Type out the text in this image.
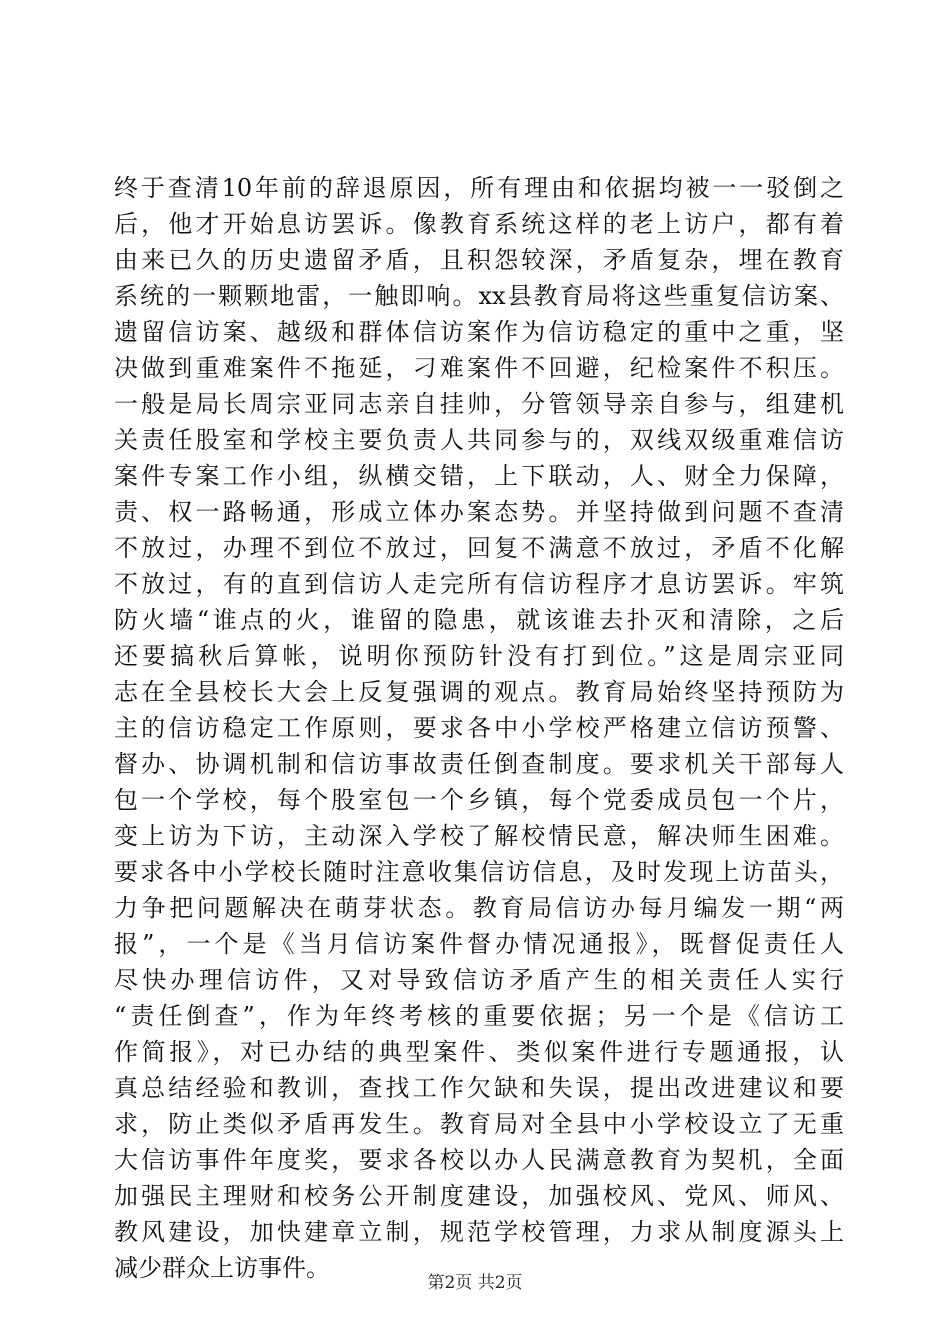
终于查清10年前的辞退原因，所有理由和依据均被一一驳倒之
后，他才开始息访罢诉。像教育系统这样的老上访户，都有着
由来已久的历史遗留矛盾，且积怨较深，矛盾复杂，埋在教育
系统的一颗颗地雷，一触即响。xx县教育局将这些重复信访案、
遗留信访案、越级和群体信访案作为信访稳定的重中之重，坚
决做到重难案件不拖延，刁难案件不回避，纪检案件不积压。
一般是局长周宗亚同志亲自挂帅，分管领导亲自参与，组建机
关责任股室和学校主要负责人共同参与的，双线双级重难信访
案件专案工作小组，纵横交错，上下联动，人、财全力保障，
责、权一路畅通，形成立体办案态势。并坚持做到问题不查清
不放过，办理不到位不放过，回复不满意不放过，矛盾不化解
不放过，有的直到信访人走完所有信访程序才息访罢诉。牢筑
防火墙“谁点的火，谁留的隐患，就该谁去扑灭和清除，之后
还要搞秋后算帐，说明你预防针没有打到位。”这是周宗亚同
志在全县校长大会上反复强调的观点。教育局始终坚持预防为
主的信访稳定工作原则，要求各中小学校严格建立信访预警、
督办、协调机制和信访事故责任倒查制度。要求机关干部每人
包一个学校，每个股室包一个乡镇，每个党委成员包一个片，
变上访为下访，主动深入学校了解校情民意，解决师生困难。
要求各中小学校长随时注意收集信访信息，及时发现上访苗头，
力争把问题解决在萌芽状态。教育局信访办每月编发一期“两
报”，一个是《当月信访案件督办情况通报》，既督促责任人
尽快办理信访件，又对导致信访矛盾产生的相关责任人实行
“责任倒查”，作为年终考核的重要依据；另一个是《信访工
作简报》，对已办结的典型案件、类似案件进行专题通报，认
真总结经验和教训，查找工作欠缺和失误，提出改进建议和要
求，防止类似矛盾再发生。教育局对全县中小学校设立了无重
大信访事件年度奖，要求各校以办人民满意教育为契机，全面
加强民主理财和校务公开制度建设，加强校风、党风、师风、
教风建设，加快建章立制，规范学校管理，力求从制度源头上
减少群众上访事件。
第2页 共2页
